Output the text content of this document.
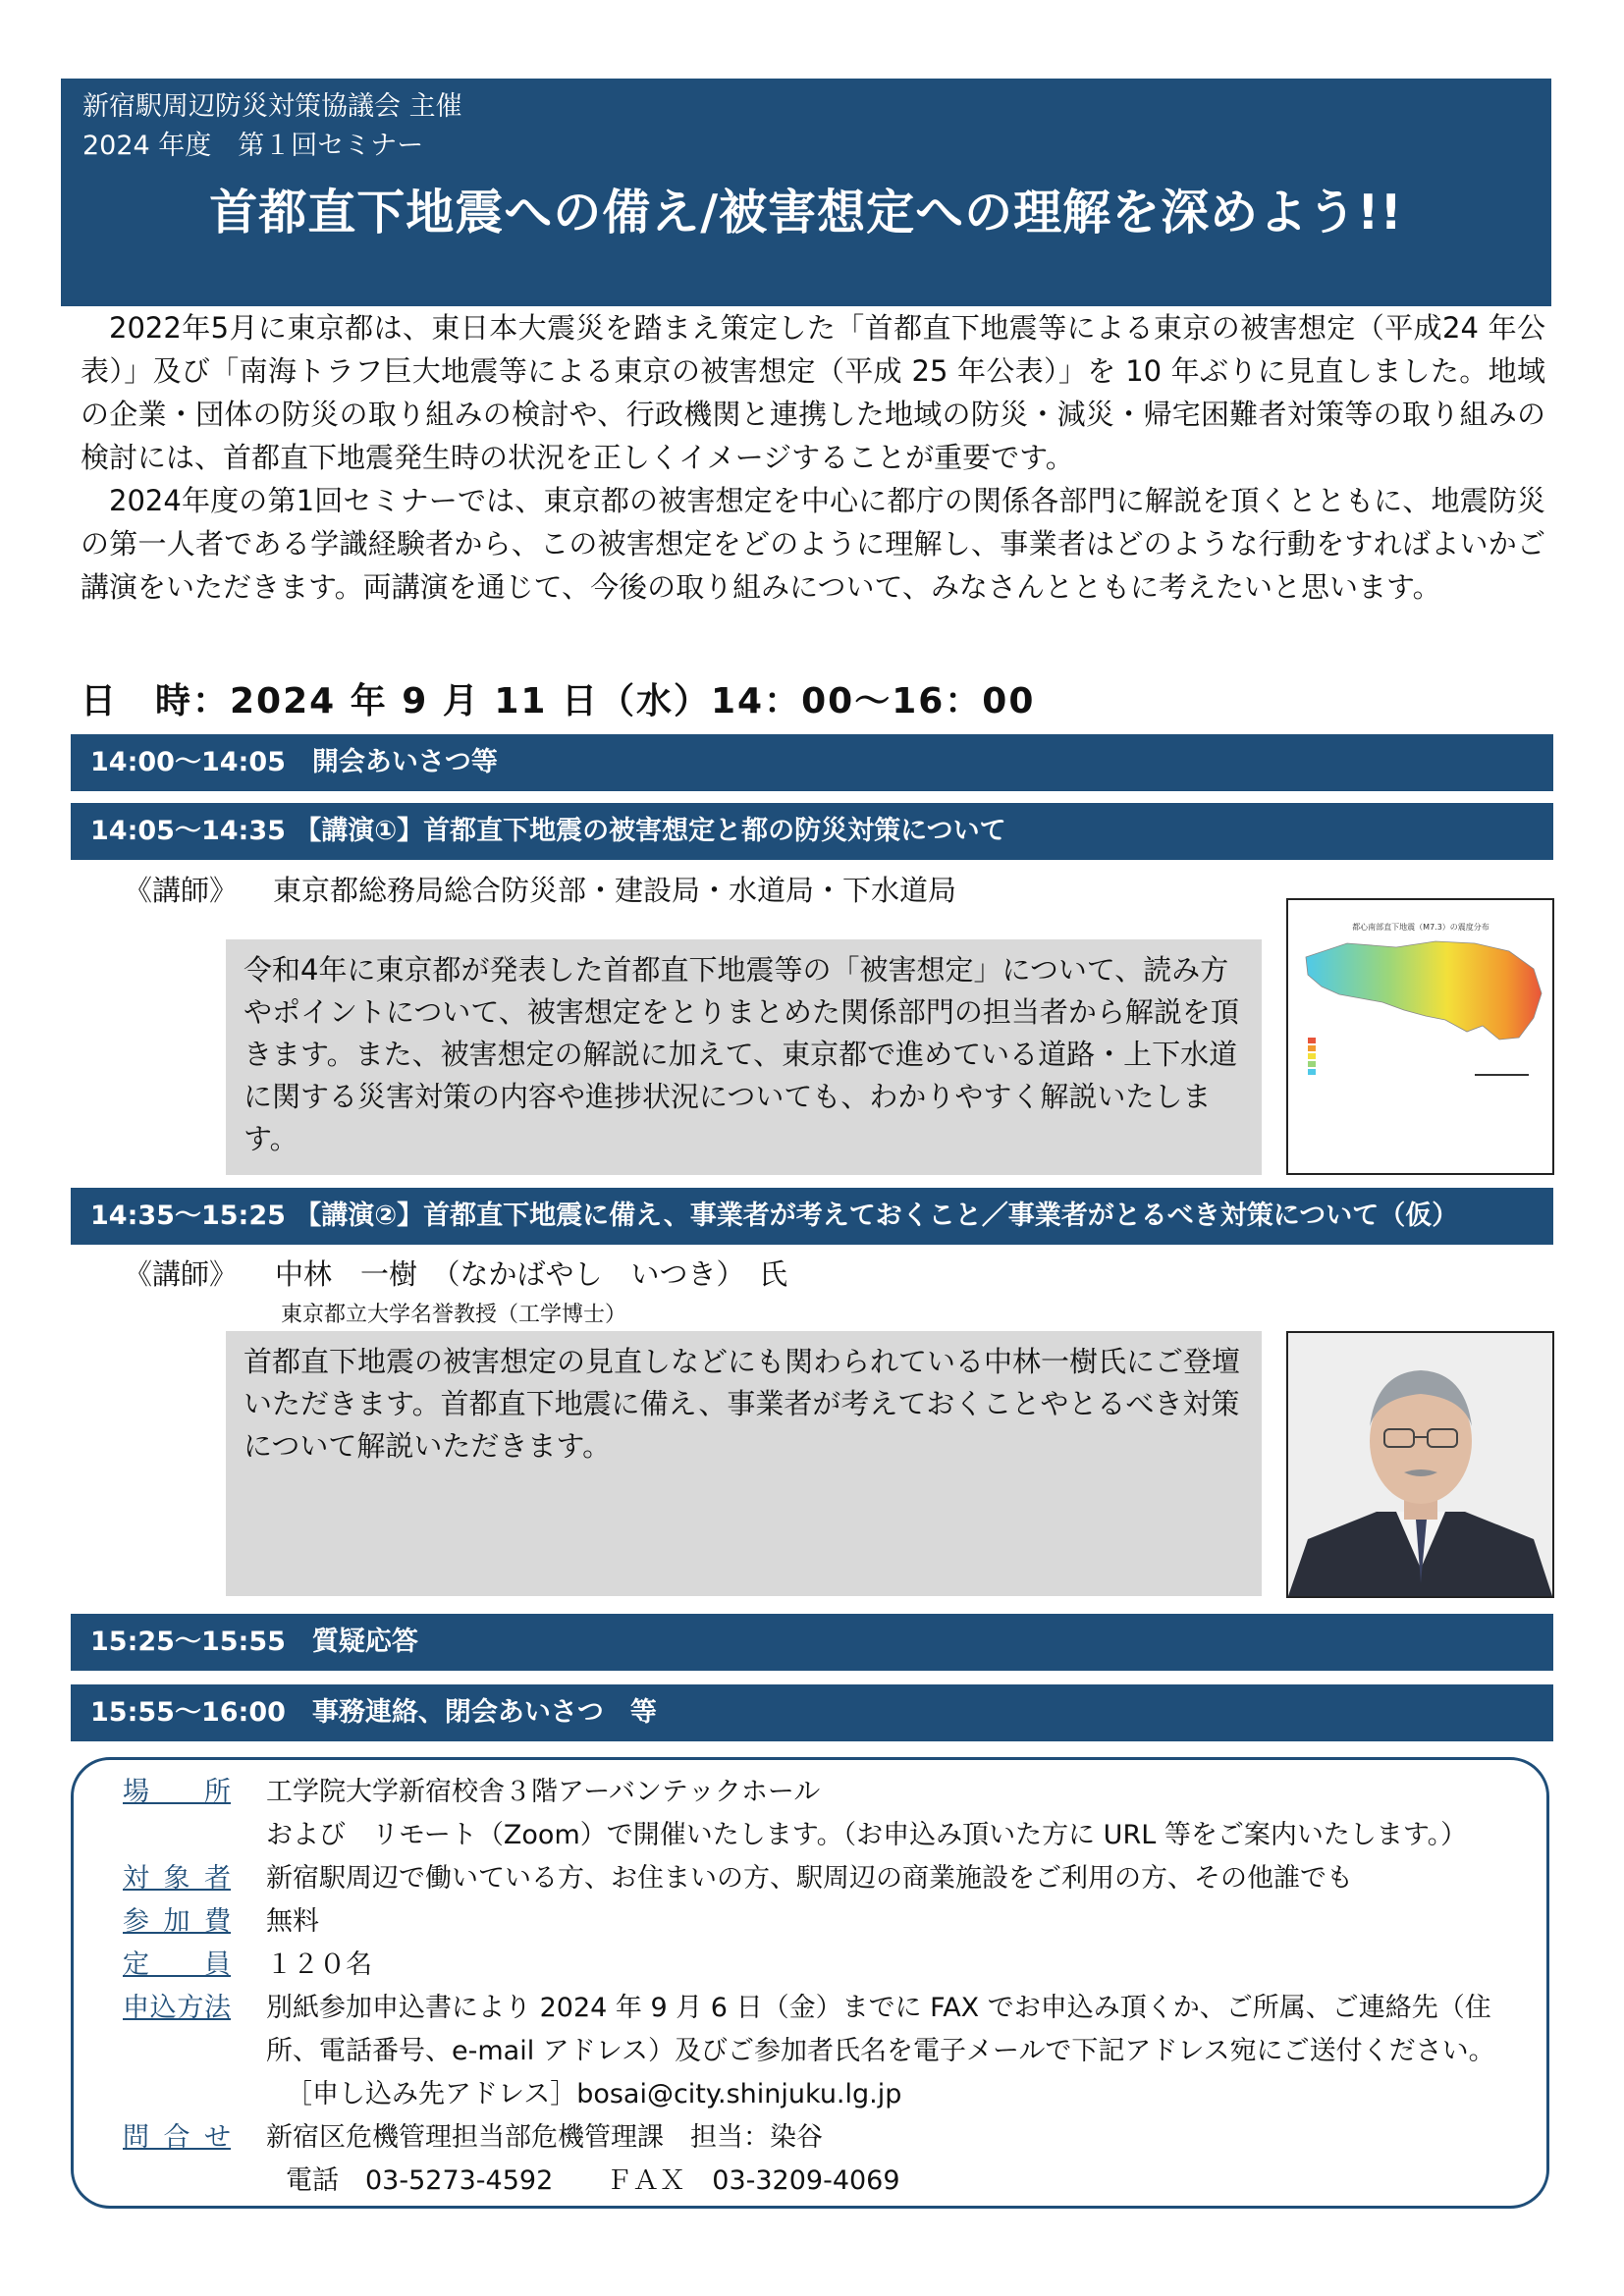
新宿駅周辺防災対策協議会 主催
2024 年度　第１回セミナー
首都直下地震への備え/被害想定への理解を深めよう!!

2022年5月に東京都は、東日本大震災を踏まえ策定した「首都直下地震等による東京の被害想定（平成24 年公表）」及び「南海トラフ巨大地震等による東京の被害想定（平成 25 年公表）」を 10 年ぶりに見直しました。地域の企業・団体の防災の取り組みの検討や、行政機関と連携した地域の防災・減災・帰宅困難者対策等の取り組みの検討には、首都直下地震発生時の状況を正しくイメージすることが重要です。

2024年度の第1回セミナーでは、東京都の被害想定を中心に都庁の関係各部門に解説を頂くとともに、地震防災の第一人者である学識経験者から、この被害想定をどのように理解し、事業者はどのような行動をすればよいかご講演をいただきます。両講演を通じて、今後の取り組みについて、みなさんとともに考えたいと思います。

日　時：2024 年 9 月 11 日（水）14：00〜16：00
14:00〜14:05　開会あいさつ等
14:05〜14:35 【講演①】首都直下地震の被害想定と都の防災対策について
《講師》 東京都総務局総合防災部・建設局・水道局・下水道局
令和4年に東京都が発表した首都直下地震等の「被害想定」について、読み方やポイントについて、被害想定をとりまとめた関係部門の担当者から解説を頂きます。また、被害想定の解説に加えて、東京都で進めている道路・上下水道に関する災害対策の内容や進捗状況についても、わかりやすく解説いたします。
都心南部直下地震（M7.3）の震度分布
14:35〜15:25 【講演②】首都直下地震に備え、事業者が考えておくこと／事業者がとるべき対策について（仮）
《講師》 中林　一樹　（なかばやし　いつき）　氏
東京都立大学名誉教授（工学博士）
首都直下地震の被害想定の見直しなどにも関わられている中林一樹氏にご登壇いただきます。首都直下地震に備え、事業者が考えておくことやとるべき対策について解説いただきます。
15:25〜15:55　質疑応答
15:55〜16:00　事務連絡、閉会あいさつ　等
場所 工学院大学新宿校舎３階アーバンテックホール
および　リモート（Zoom）で開催いたします。（お申込み頂いた方に URL 等をご案内いたします。）
対象者 新宿駅周辺で働いている方、お住まいの方、駅周辺の商業施設をご利用の方、その他誰でも
参加費 無料
定員 １２０名
申込方法 別紙参加申込書により 2024 年 9 月 6 日（金）までに FAX でお申込み頂くか、ご所属、ご連絡先（住
所、電話番号、e-mail アドレス）及びご参加者氏名を電子メールで下記アドレス宛にご送付ください。
［申し込み先アドレス］bosai@city.shinjuku.lg.jp
問合せ 新宿区危機管理担当部危機管理課　担当：染谷
電話　03-5273-4592　　ＦＡＸ　03-3209-4069
